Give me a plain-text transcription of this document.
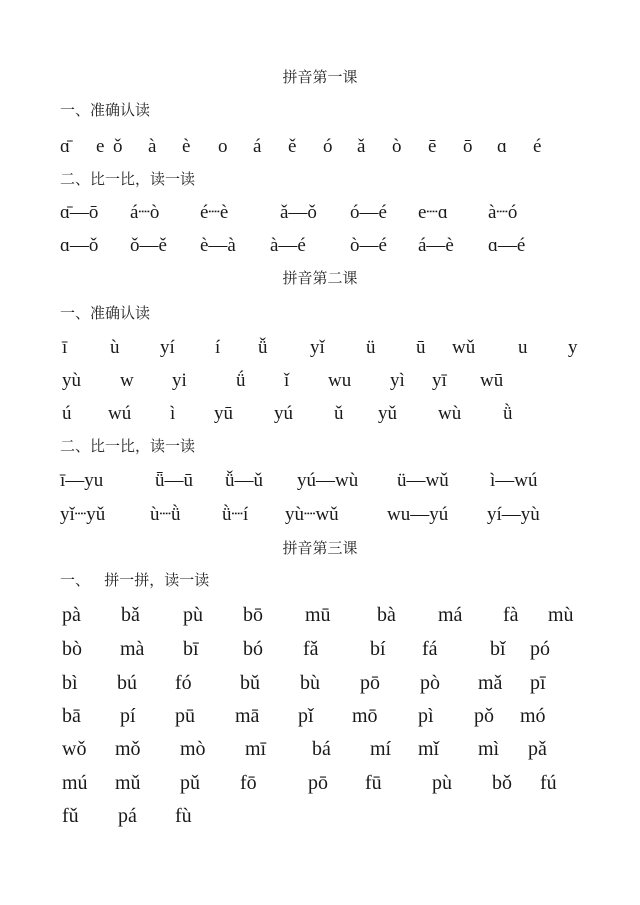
拼音第一课
一、准确认读
二、比一比，读一读
拼音第二课
一、准确认读
二、比一比，读一读
拼音第三课
一、   拼一拼，读一读
ɑ̄ e ǒ à è o á ě ó ǎ ò ē ō ɑ é
ɑ̄—ō á┈ò é┈è	ǎ—ǒ ó—é e┈ɑ à┈ó
ɑ—ǒ ǒ—ě è—à à—é ò—é á—è ɑ—é
ī ù yí í ǚ yǐ ü ū wǔ u y
yù w yi	ǘ ǐ wu yì yī wū
ú wú ì yū yú ǔ yǔ wù ǜ
ī—yu	ǖ—ū ǚ—ǔ yú—wù ü—wǔ ì—wú
yǐ┈yǔ ù┈ǜ ǜ┈í yù┈wǔ	wu—yú yí—yù
pà bǎ pù bō mū bà má fà mù
bò mà bī bó fǎ	bí fá	bǐ pó
bì bú fó bǔ bù pō pò mǎ pī
bā pí pū mā pǐ mō pì pǒ mó
wǒ mǒ mò mī bá mí mǐ mì pǎ
mú mǔ pǔ fō	pō fū	pù bǒ fú
fǔ pá fù
